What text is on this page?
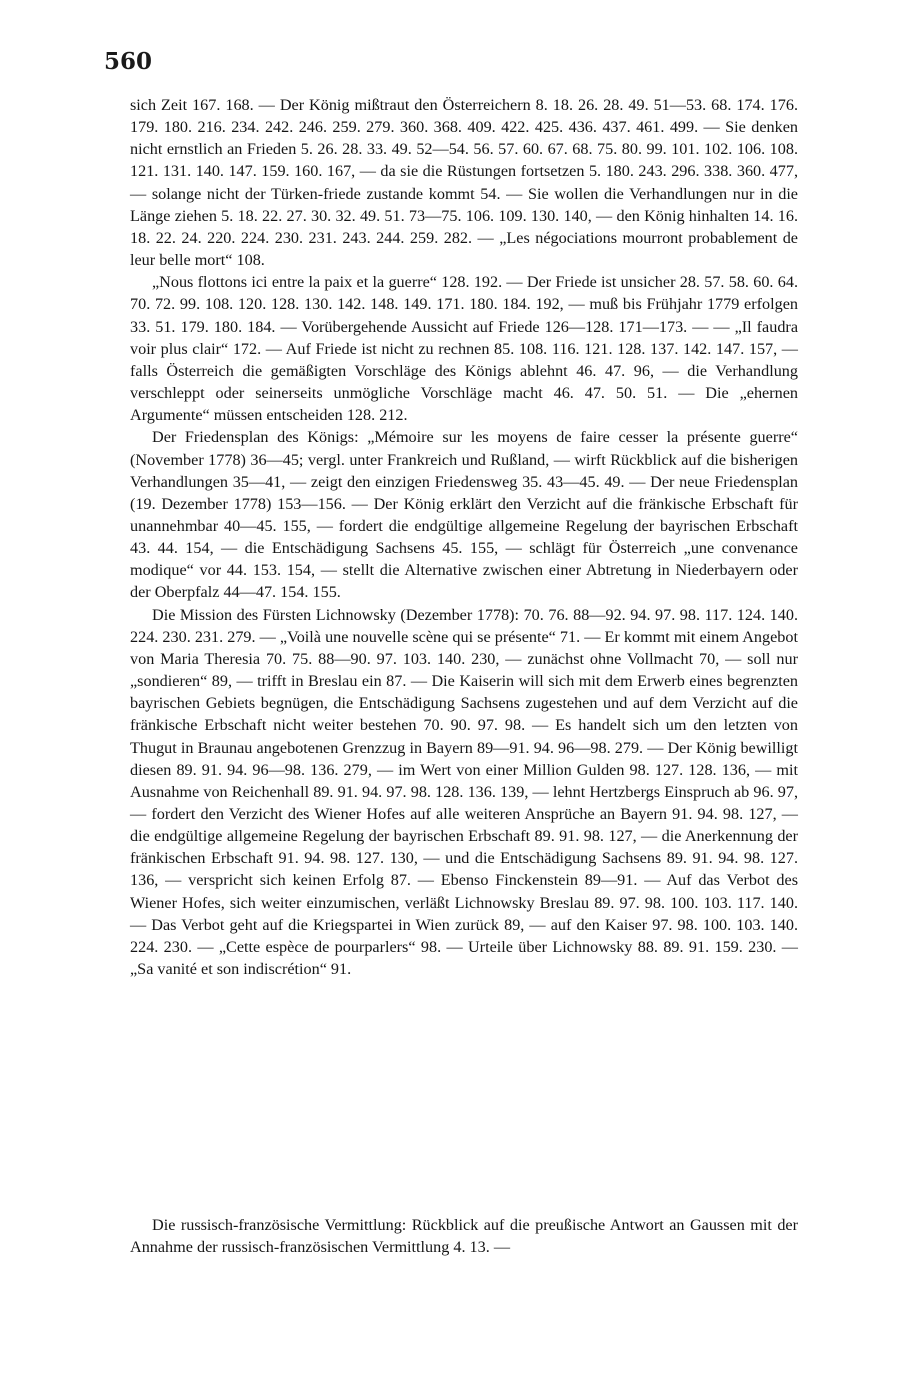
560

sich Zeit 167. 168. — Der König mißtraut den Österreichern 8. 18. 26. 28. 49. 51—53. 68. 174. 176. 179. 180. 216. 234. 242. 246. 259. 279. 360. 368. 409. 422. 425. 436. 437. 461. 499. — Sie denken nicht ernstlich an Frieden 5. 26. 28. 33. 49. 52—54. 56. 57. 60. 67. 68. 75. 80. 99. 101. 102. 106. 108. 121. 131. 140. 147. 159. 160. 167, — da sie die Rüstungen fortsetzen 5. 180. 243. 296. 338. 360. 477, — solange nicht der Türken-friede zustande kommt 54. — Sie wollen die Verhandlungen nur in die Länge ziehen 5. 18. 22. 27. 30. 32. 49. 51. 73—75. 106. 109. 130. 140, — den König hinhalten 14. 16. 18. 22. 24. 220. 224. 230. 231. 243. 244. 259. 282. — „Les négociations mourront probablement de leur belle mort“ 108.

„Nous flottons ici entre la paix et la guerre“ 128. 192. — Der Friede ist unsicher 28. 57. 58. 60. 64. 70. 72. 99. 108. 120. 128. 130. 142. 148. 149. 171. 180. 184. 192, — muß bis Frühjahr 1779 erfolgen 33. 51. 179. 180. 184. — Vorübergehende Aussicht auf Friede 126—128. 171—173. — — „Il faudra voir plus clair“ 172. — Auf Friede ist nicht zu rechnen 85. 108. 116. 121. 128. 137. 142. 147. 157, — falls Österreich die gemäßigten Vorschläge des Königs ablehnt 46. 47. 96, — die Verhandlung verschleppt oder seinerseits unmögliche Vorschläge macht 46. 47. 50. 51. — Die „ehernen Argumente“ müssen entscheiden 128. 212.

Der Friedensplan des Königs: „Mémoire sur les moyens de faire cesser la présente guerre“ (November 1778) 36—45; vergl. unter Frankreich und Rußland, — wirft Rückblick auf die bisherigen Verhandlungen 35—41, — zeigt den einzigen Friedensweg 35. 43—45. 49. — Der neue Friedensplan (19. Dezember 1778) 153—156. — Der König erklärt den Verzicht auf die fränkische Erbschaft für unannehmbar 40—45. 155, — fordert die endgültige allgemeine Regelung der bayrischen Erbschaft 43. 44. 154, — die Entschädigung Sachsens 45. 155, — schlägt für Österreich „une convenance modique“ vor 44. 153. 154, — stellt die Alternative zwischen einer Abtretung in Niederbayern oder der Oberpfalz 44—47. 154. 155.

Die Mission des Fürsten Lichnowsky (Dezember 1778): 70. 76. 88—92. 94. 97. 98. 117. 124. 140. 224. 230. 231. 279. — „Voilà une nouvelle scène qui se présente“ 71. — Er kommt mit einem Angebot von Maria Theresia 70. 75. 88—90. 97. 103. 140. 230, — zunächst ohne Vollmacht 70, — soll nur „sondieren“ 89, — trifft in Breslau ein 87. — Die Kaiserin will sich mit dem Erwerb eines begrenzten bayrischen Gebiets begnügen, die Entschädigung Sachsens zugestehen und auf dem Verzicht auf die fränkische Erbschaft nicht weiter bestehen 70. 90. 97. 98. — Es handelt sich um den letzten von Thugut in Braunau angebotenen Grenzzug in Bayern 89—91. 94. 96—98. 279. — Der König bewilligt diesen 89. 91. 94. 96—98. 136. 279, — im Wert von einer Million Gulden 98. 127. 128. 136, — mit Ausnahme von Reichenhall 89. 91. 94. 97. 98. 128. 136. 139, — lehnt Hertzbergs Einspruch ab 96. 97, — fordert den Verzicht des Wiener Hofes auf alle weiteren Ansprüche an Bayern 91. 94. 98. 127, — die endgültige allgemeine Regelung der bayrischen Erbschaft 89. 91. 98. 127, — die Anerkennung der fränkischen Erbschaft 91. 94. 98. 127. 130, — und die Entschädigung Sachsens 89. 91. 94. 98. 127. 136, — verspricht sich keinen Erfolg 87. — Ebenso Finckenstein 89—91. — Auf das Verbot des Wiener Hofes, sich weiter einzumischen, verläßt Lichnowsky Breslau 89. 97. 98. 100. 103. 117. 140. — Das Verbot geht auf die Kriegspartei in Wien zurück 89, — auf den Kaiser 97. 98. 100. 103. 140. 224. 230. — „Cette espèce de pourparlers“ 98. — Urteile über Lichnowsky 88. 89. 91. 159. 230. — „Sa vanité et son indiscrétion“ 91.

Die russisch-französische Vermittlung: Rückblick auf die preußische Antwort an Gaussen mit der Annahme der russisch-französischen Vermittlung 4. 13. —
